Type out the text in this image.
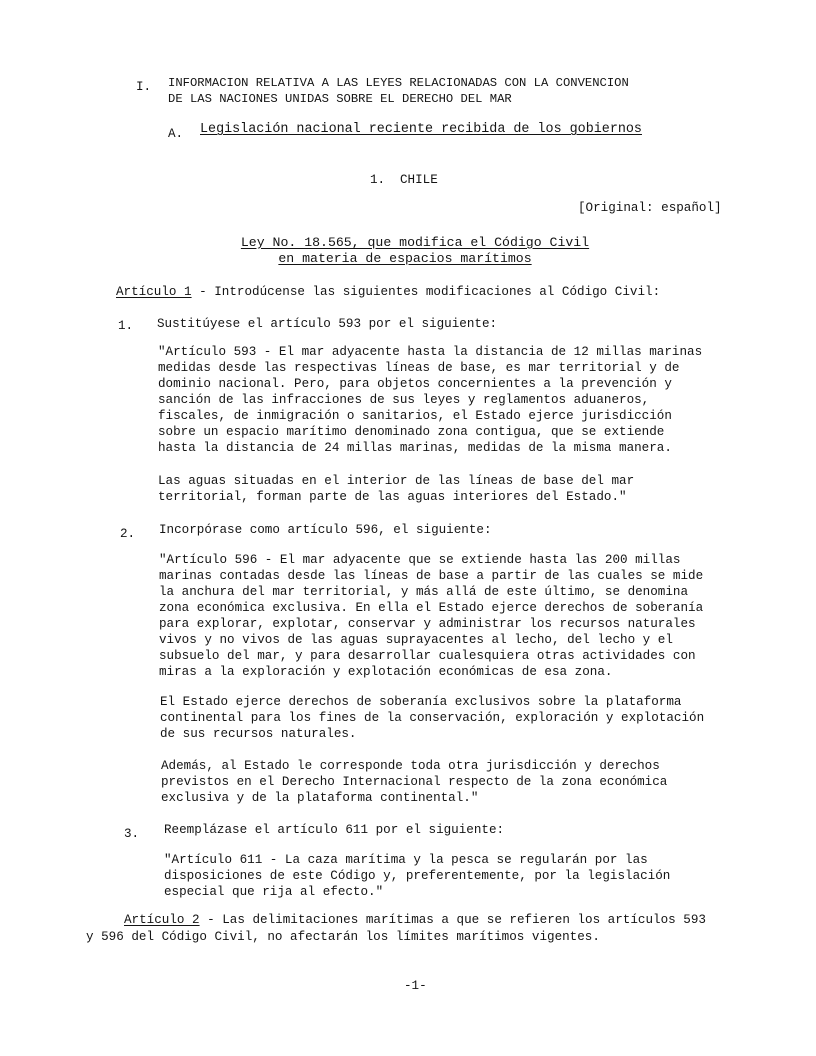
I. INFORMACION RELATIVA A LAS LEYES RELACIONADAS CON LA CONVENCION
DE LAS NACIONES UNIDAS SOBRE EL DERECHO DEL MAR
A. Legislación nacional reciente recibida de los gobiernos
1. CHILE
[Original: español]
Ley No. 18.565, que modifica el Código Civil
en materia de espacios marítimos
Artículo 1 - Introdúcense las siguientes modificaciones al Código Civil:
1. Sustitúyese el artículo 593 por el siguiente:
"Artículo 593 - El mar adyacente hasta la distancia de 12 millas marinas
medidas desde las respectivas líneas de base, es mar territorial y de
dominio nacional. Pero, para objetos concernientes a la prevención y
sanción de las infracciones de sus leyes y reglamentos aduaneros,
fiscales, de inmigración o sanitarios, el Estado ejerce jurisdicción
sobre un espacio marítimo denominado zona contigua, que se extiende
hasta la distancia de 24 millas marinas, medidas de la misma manera.
Las aguas situadas en el interior de las líneas de base del mar
territorial, forman parte de las aguas interiores del Estado."
2. Incorpórase como artículo 596, el siguiente:
"Artículo 596 - El mar adyacente que se extiende hasta las 200 millas
marinas contadas desde las líneas de base a partir de las cuales se mide
la anchura del mar territorial, y más allá de este último, se denomina
zona económica exclusiva. En ella el Estado ejerce derechos de soberanía
para explorar, explotar, conservar y administrar los recursos naturales
vivos y no vivos de las aguas suprayacentes al lecho, del lecho y el
subsuelo del mar, y para desarrollar cualesquiera otras actividades con
miras a la exploración y explotación económicas de esa zona.
El Estado ejerce derechos de soberanía exclusivos sobre la plataforma
continental para los fines de la conservación, exploración y explotación
de sus recursos naturales.
Además, al Estado le corresponde toda otra jurisdicción y derechos
previstos en el Derecho Internacional respecto de la zona económica
exclusiva y de la plataforma continental."
3. Reemplázase el artículo 611 por el siguiente:
"Artículo 611 - La caza marítima y la pesca se regularán por las
disposiciones de este Código y, preferentemente, por la legislación
especial que rija al efecto."
Artículo 2 - Las delimitaciones marítimas a que se refieren los artículos 593
y 596 del Código Civil, no afectarán los límites marítimos vigentes.
-1-
